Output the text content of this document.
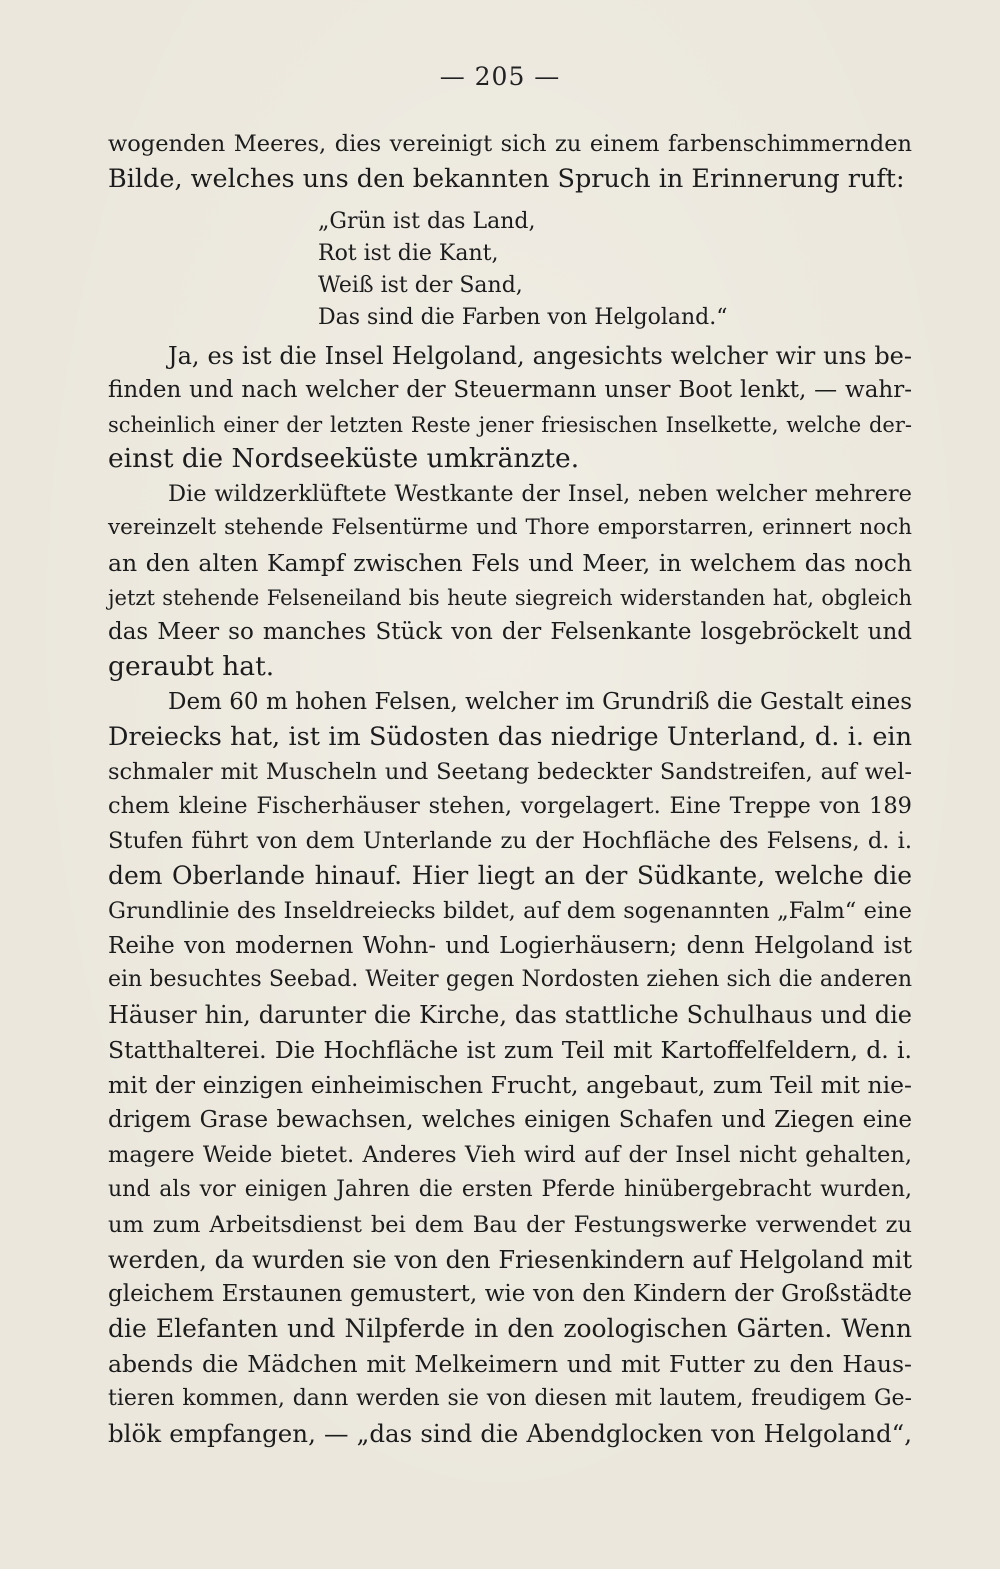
— 205 —
wogenden Meeres, dies vereinigt sich zu einem farbenschimmernden
Bilde, welches uns den bekannten Spruch in Erinnerung ruft:
„Grün ist das Land,
Rot ist die Kant,
Weiß ist der Sand,
Das sind die Farben von Helgoland.“
Ja, es ist die Insel Helgoland, angesichts welcher wir uns be-
finden und nach welcher der Steuermann unser Boot lenkt, — wahr-
scheinlich einer der letzten Reste jener friesischen Inselkette, welche der-
einst die Nordseeküste umkränzte.
Die wildzerklüftete Westkante der Insel, neben welcher mehrere
vereinzelt stehende Felsentürme und Thore emporstarren, erinnert noch
an den alten Kampf zwischen Fels und Meer, in welchem das noch
jetzt stehende Felseneiland bis heute siegreich widerstanden hat, obgleich
das Meer so manches Stück von der Felsenkante losgebröckelt und
geraubt hat.
Dem 60 m hohen Felsen, welcher im Grundriß die Gestalt eines
Dreiecks hat, ist im Südosten das niedrige Unterland, d. i. ein
schmaler mit Muscheln und Seetang bedeckter Sandstreifen, auf wel-
chem kleine Fischerhäuser stehen, vorgelagert. Eine Treppe von 189
Stufen führt von dem Unterlande zu der Hochfläche des Felsens, d. i.
dem Oberlande hinauf. Hier liegt an der Südkante, welche die
Grundlinie des Inseldreiecks bildet, auf dem sogenannten „Falm“ eine
Reihe von modernen Wohn- und Logierhäusern; denn Helgoland ist
ein besuchtes Seebad. Weiter gegen Nordosten ziehen sich die anderen
Häuser hin, darunter die Kirche, das stattliche Schulhaus und die
Statthalterei. Die Hochfläche ist zum Teil mit Kartoffelfeldern, d. i.
mit der einzigen einheimischen Frucht, angebaut, zum Teil mit nie-
drigem Grase bewachsen, welches einigen Schafen und Ziegen eine
magere Weide bietet. Anderes Vieh wird auf der Insel nicht gehalten,
und als vor einigen Jahren die ersten Pferde hinübergebracht wurden,
um zum Arbeitsdienst bei dem Bau der Festungswerke verwendet zu
werden, da wurden sie von den Friesenkindern auf Helgoland mit
gleichem Erstaunen gemustert, wie von den Kindern der Großstädte
die Elefanten und Nilpferde in den zoologischen Gärten. Wenn
abends die Mädchen mit Melkeimern und mit Futter zu den Haus-
tieren kommen, dann werden sie von diesen mit lautem, freudigem Ge-
blök empfangen, — „das sind die Abendglocken von Helgoland“,
